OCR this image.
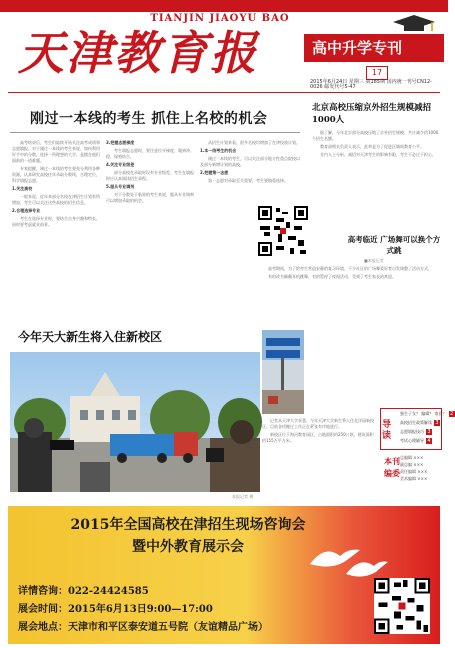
TIANJIN JIAOYU BAO
天津教育报	高中升学专刊
17
2015年6月24日 星期三 第185期 国内统一刊号CN12-0026 邮发代号5-47
刚过一本线的考生 抓住上名校的机会

高考结束后，考生们陆续开始关注高考成绩和志愿填报。对于刚过一本线的考生来说，如何利用好手中的分数，选择一所理想的大学，是摆在他们面前的一道难题。

专家提醒，刚过一本线的考生要充分利用各种资源，认真研究高校往年录取分数线，合理定位，科学填报志愿。

1.关注高校

一般来说，近年来部分名校在津招生计划有所增加，考生可以关注这些高校的招生信息。

2.合理选择专业

考生在选择专业时，要结合自身兴趣和特长，同时要考虑就业前景。

3.把握志愿梯度

考生填报志愿时，要注意拉开梯度，做到冲、稳、保相结合。

4.关注专业级差

部分高校在录取时设有专业级差，考生在填报时应认真阅读招生章程。

5.服从专业调剂

对于分数处于临界的考生来说，服从专业调剂可以增加录取的机会。

从招生计划来看，很多名校均增加了在津投放计划。

1.本一线考生的机会

刚过一本线的考生，可以关注部分地方性重点院校以及部分新增计划的高校。

2.把握第一志愿

第一志愿对录取至关重要，考生要慎重选择。

北京高校压缩京外招生规模减招1000人

据了解，今年北京部分高校压缩了京外招生规模，共计减少约1000个招生名额。

教育部相关负责人表示，此举是为了促进区域间教育公平。

业内人士分析，减招对天津考生的影响有限，考生不必过于担心。

高考临近 广场舞可以换个方式跳
■本报记者

高考期间，为了给考生营造安静的复习环境，不少社区的广场舞爱好者自发调整了活动方式。

有的改为佩戴耳机跳舞，有的暂停了夜间活动，受到了考生家长的欢迎。

今年天大新生将入住新校区
本报记者 摄

记者从天津大学获悉，今年天津大学新生将入住北洋园新校区。目前各项搬迁工作正在紧张有序地进行。

新校区位于海河教育园区，占地面积约250公顷，建筑面积约155万平方米。

导读
独生子女？ 编辑？ 家长？ 2
高校招生政策解读 3
志愿填报技巧 3
考试心理辅导 4
本刊编委
总编辑 ×××
副总编 ×××
责任编辑 ×××
美术编辑 ×××
2015年全国高校在津招生现场咨询会
暨中外教育展示会
详情咨询：022-24424585
展会时间：2015年6月13日9:00—17:00
展会地点：天津市和平区泰安道五号院（友谊精品广场）
